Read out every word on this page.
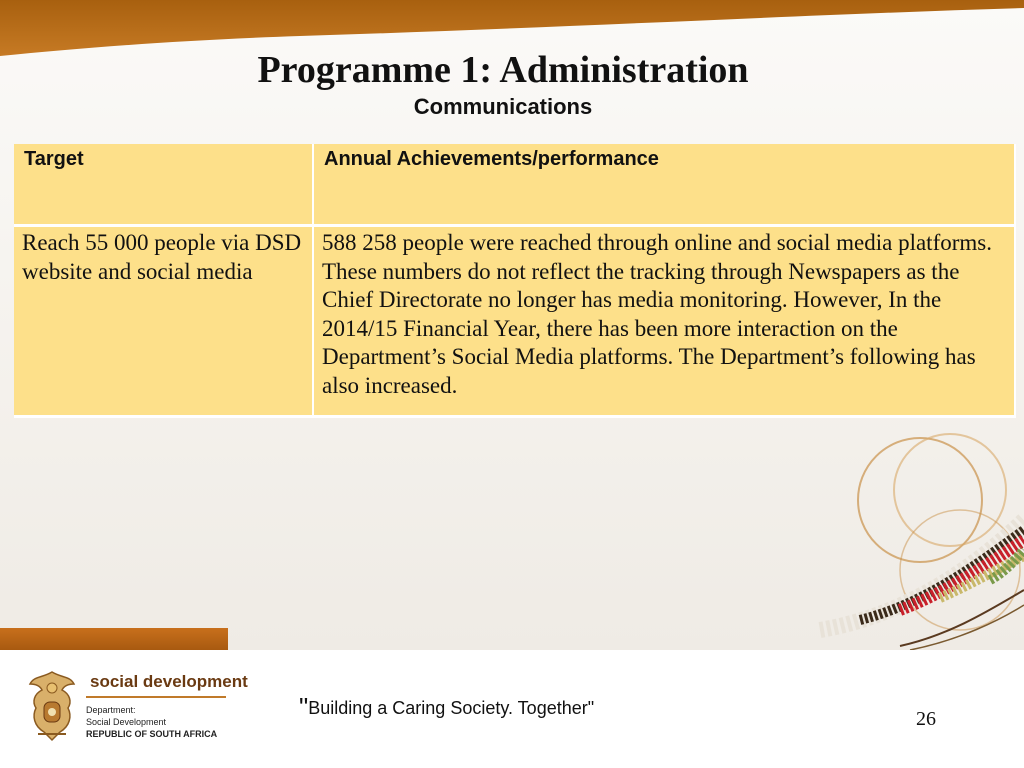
Programme 1: Administration
Communications
Target	Annual Achievements/performance
Reach 55 000 people via DSD website and social media	588 258 people were reached through online and social media platforms. These numbers do not reflect the tracking through Newspapers as the Chief Directorate no longer has media monitoring. However, In the 2014/15 Financial Year, there has been more interaction on the Department’s Social Media platforms. The Department’s following has also increased.
social development
Department:
Social Development
REPUBLIC OF SOUTH AFRICA
"Building a Caring Society. Together"	26
